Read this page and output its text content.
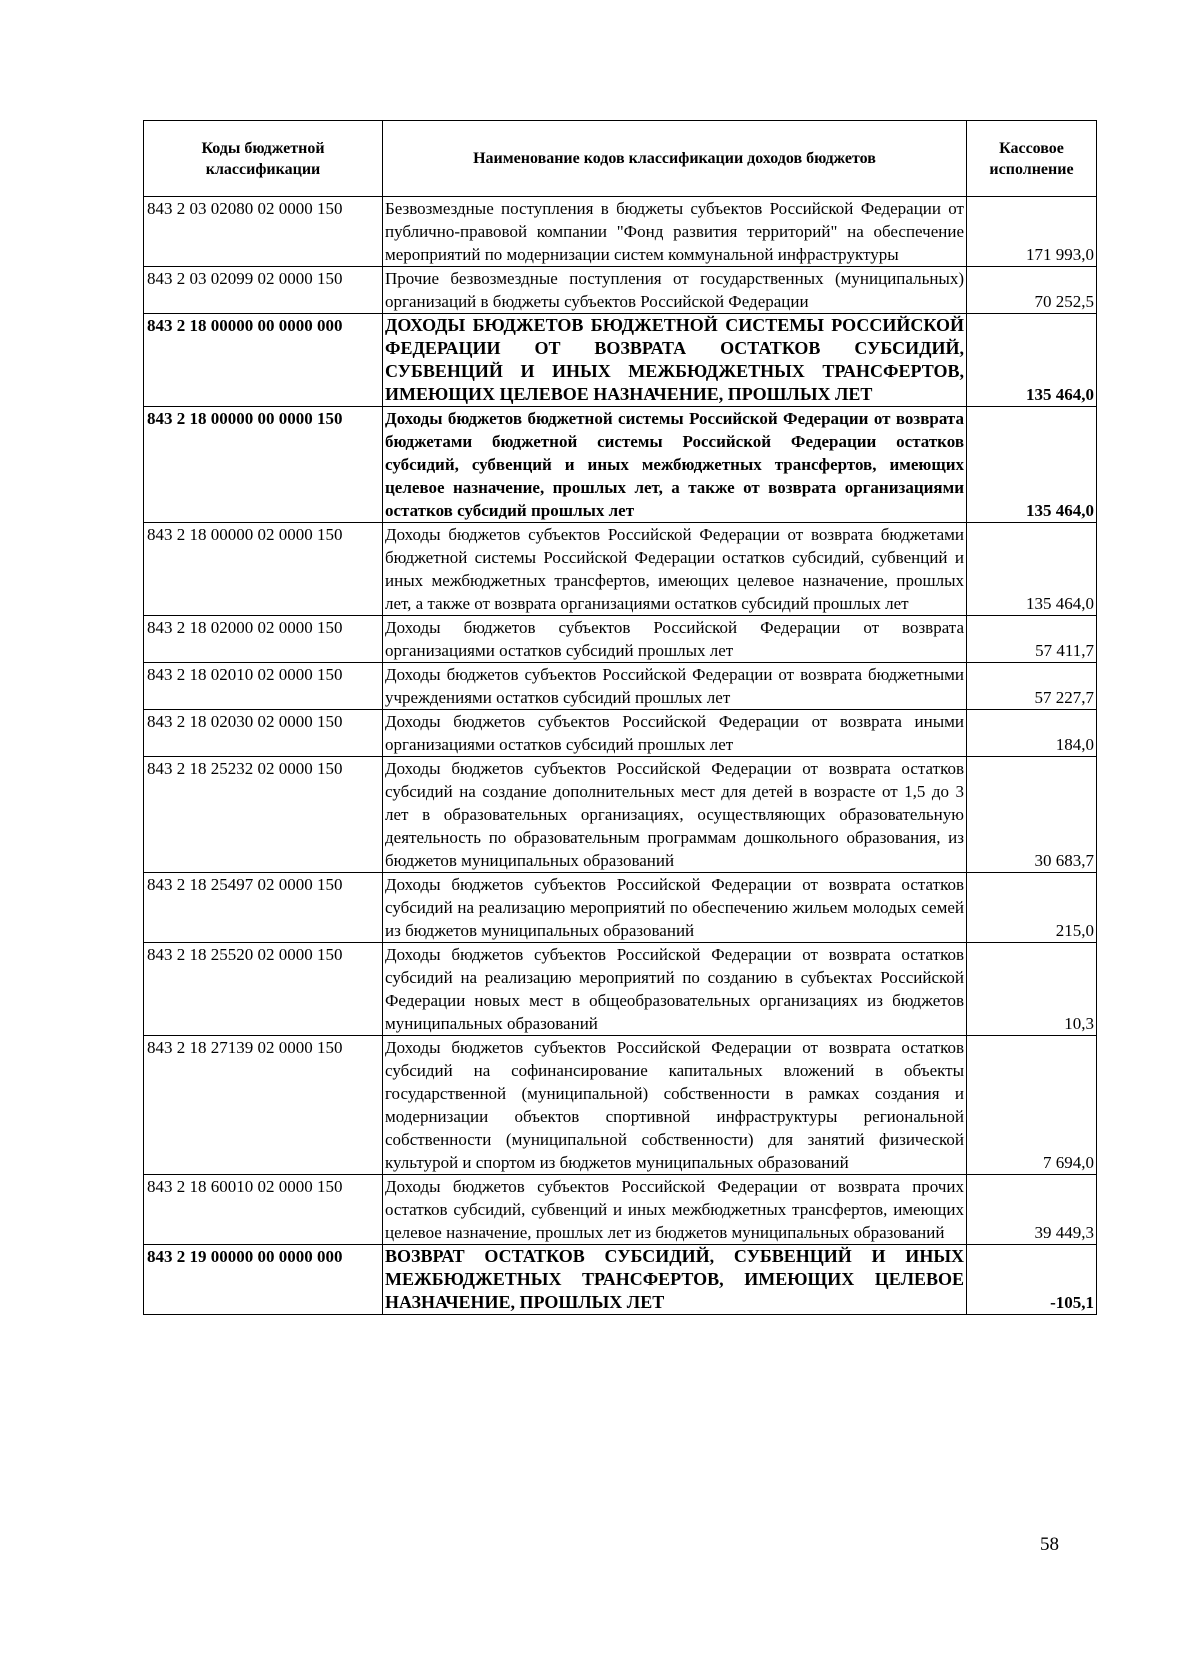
Коды бюджетной классификации	Наименование кодов классификации доходов бюджетов	Кассовое исполнение
843 2 03 02080 02 0000 150	Безвозмездные поступления в бюджеты субъектов Российской Федерации от публично-правовой компании "Фонд развития территорий" на обеспечение мероприятий по модернизации систем коммунальной инфраструктуры	171 993,0
843 2 03 02099 02 0000 150	Прочие безвозмездные поступления от государственных (муниципальных) организаций в бюджеты субъектов Российской Федерации	70 252,5
843 2 18 00000 00 0000 000	ДОХОДЫ БЮДЖЕТОВ БЮДЖЕТНОЙ СИСТЕМЫ РОССИЙСКОЙ ФЕДЕРАЦИИ ОТ ВОЗВРАТА ОСТАТКОВ СУБСИДИЙ, СУБВЕНЦИЙ И ИНЫХ МЕЖБЮДЖЕТНЫХ ТРАНСФЕРТОВ, ИМЕЮЩИХ ЦЕЛЕВОЕ НАЗНАЧЕНИЕ, ПРОШЛЫХ ЛЕТ	135 464,0
843 2 18 00000 00 0000 150	Доходы бюджетов бюджетной системы Российской Федерации от возврата бюджетами бюджетной системы Российской Федерации остатков субсидий, субвенций и иных межбюджетных трансфертов, имеющих целевое назначение, прошлых лет, а также от возврата организациями остатков субсидий прошлых лет	135 464,0
843 2 18 00000 02 0000 150	Доходы бюджетов субъектов Российской Федерации от возврата бюджетами бюджетной системы Российской Федерации остатков субсидий, субвенций и иных межбюджетных трансфертов, имеющих целевое назначение, прошлых лет, а также от возврата организациями остатков субсидий прошлых лет	135 464,0
843 2 18 02000 02 0000 150	Доходы бюджетов субъектов Российской Федерации от возврата организациями остатков субсидий прошлых лет	57 411,7
843 2 18 02010 02 0000 150	Доходы бюджетов субъектов Российской Федерации от возврата бюджетными учреждениями остатков субсидий прошлых лет	57 227,7
843 2 18 02030 02 0000 150	Доходы бюджетов субъектов Российской Федерации от возврата иными организациями остатков субсидий прошлых лет	184,0
843 2 18 25232 02 0000 150	Доходы бюджетов субъектов Российской Федерации от возврата остатков субсидий на создание дополнительных мест для детей в возрасте от 1,5 до 3 лет в образовательных организациях, осуществляющих образовательную деятельность по образовательным программам дошкольного образования, из бюджетов муниципальных образований	30 683,7
843 2 18 25497 02 0000 150	Доходы бюджетов субъектов Российской Федерации от возврата остатков субсидий на реализацию мероприятий по обеспечению жильем молодых семей из бюджетов муниципальных образований	215,0
843 2 18 25520 02 0000 150	Доходы бюджетов субъектов Российской Федерации от возврата остатков субсидий на реализацию мероприятий по созданию в субъектах Российской Федерации новых мест в общеобразовательных организациях из бюджетов муниципальных образований	10,3
843 2 18 27139 02 0000 150	Доходы бюджетов субъектов Российской Федерации от возврата остатков субсидий на софинансирование капитальных вложений в объекты государственной (муниципальной) собственности в рамках создания и модернизации объектов спортивной инфраструктуры региональной собственности (муниципальной собственности) для занятий физической культурой и спортом из бюджетов муниципальных образований	7 694,0
843 2 18 60010 02 0000 150	Доходы бюджетов субъектов Российской Федерации от возврата прочих остатков субсидий, субвенций и иных межбюджетных трансфертов, имеющих целевое назначение, прошлых лет из бюджетов муниципальных образований	39 449,3
843 2 19 00000 00 0000 000	ВОЗВРАТ ОСТАТКОВ СУБСИДИЙ, СУБВЕНЦИЙ И ИНЫХ МЕЖБЮДЖЕТНЫХ ТРАНСФЕРТОВ, ИМЕЮЩИХ ЦЕЛЕВОЕ НАЗНАЧЕНИЕ, ПРОШЛЫХ ЛЕТ	-105,1
58
